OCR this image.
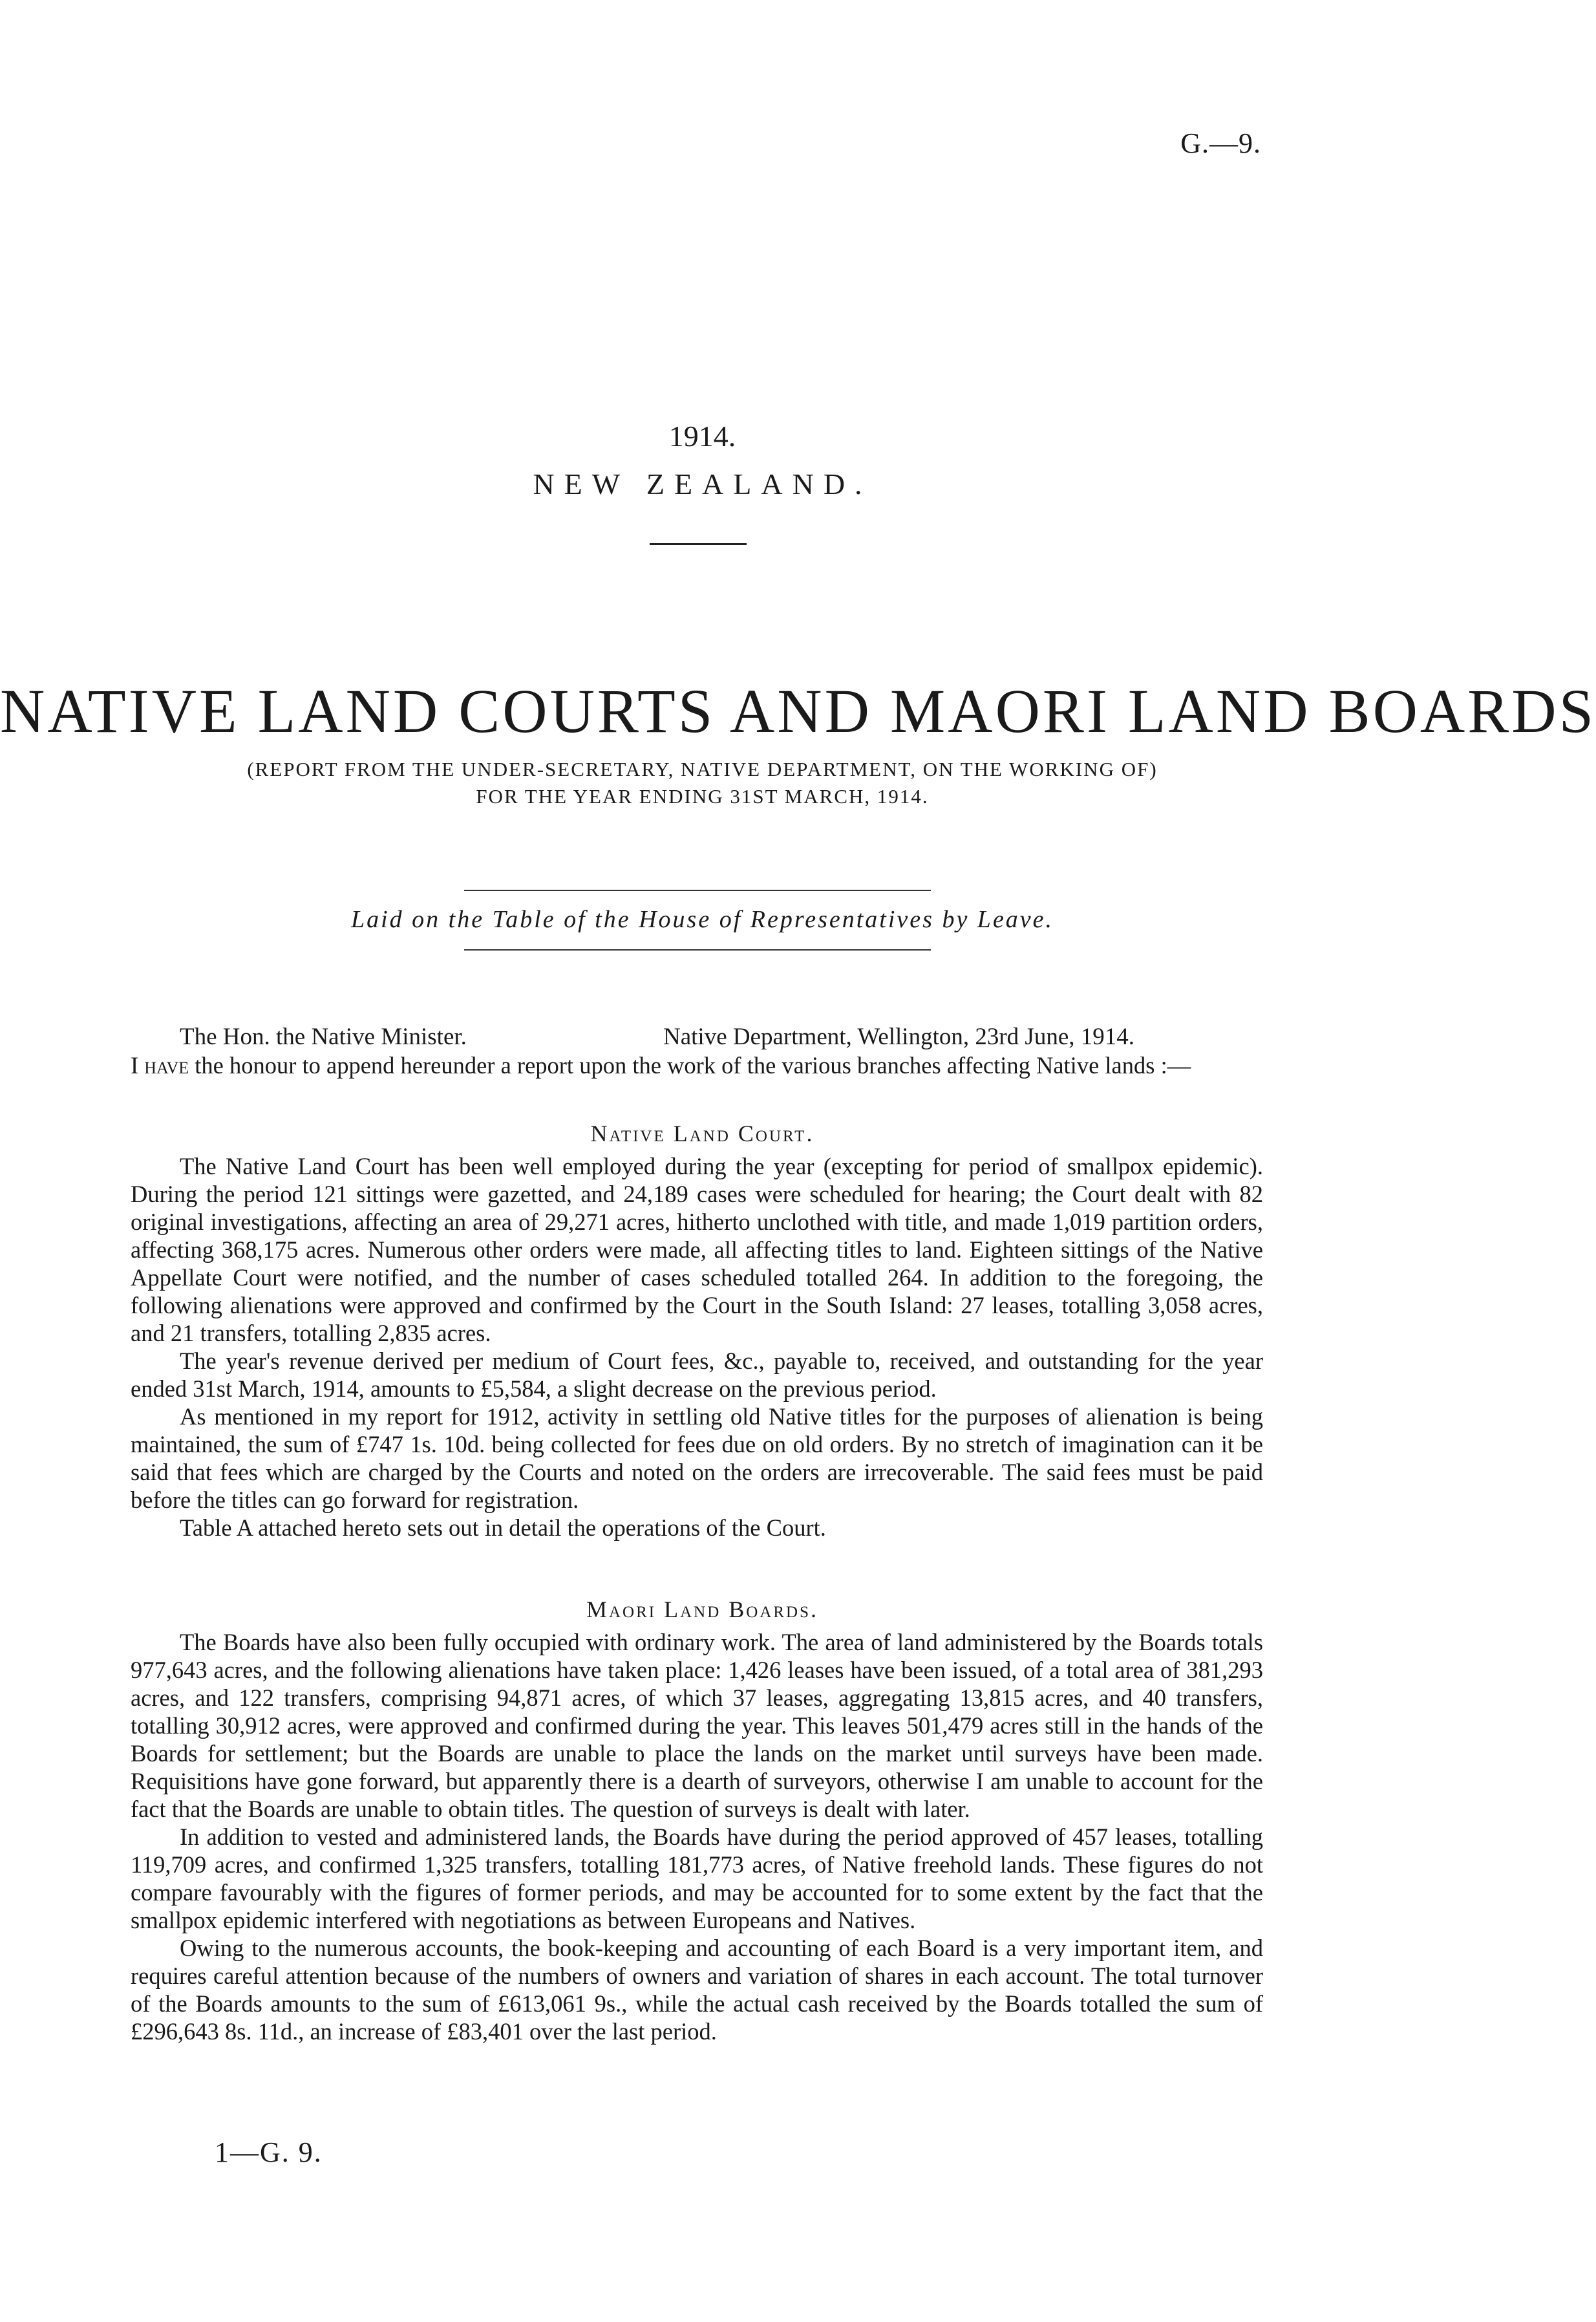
G.—9.
1914.
NEW ZEALAND.
NATIVE LAND COURTS AND MAORI LAND BOARDS
(REPORT FROM THE UNDER-SECRETARY, NATIVE DEPARTMENT, ON THE WORKING OF)
FOR THE YEAR ENDING 31ST MARCH, 1914.
Laid on the Table of the House of Representatives by Leave.
The Hon. the Native Minister.	Native Department, Wellington, 23rd June, 1914.

I have the honour to append hereunder a report upon the work of the various branches affecting Native lands :—

Native Land Court.

The Native Land Court has been well employed during the year (excepting for period of smallpox epidemic). During the period 121 sittings were gazetted, and 24,189 cases were scheduled for hearing; the Court dealt with 82 original investigations, affecting an area of 29,271 acres, hitherto unclothed with title, and made 1,019 partition orders, affecting 368,175 acres. Numerous other orders were made, all affecting titles to land. Eighteen sittings of the Native Appellate Court were notified, and the number of cases scheduled totalled 264. In addition to the foregoing, the following alienations were approved and confirmed by the Court in the South Island: 27 leases, totalling 3,058 acres, and 21 transfers, totalling 2,835 acres.

The year's revenue derived per medium of Court fees, &c., payable to, received, and outstanding for the year ended 31st March, 1914, amounts to £5,584, a slight decrease on the previous period.

As mentioned in my report for 1912, activity in settling old Native titles for the purposes of alienation is being maintained, the sum of £747 1s. 10d. being collected for fees due on old orders. By no stretch of imagination can it be said that fees which are charged by the Courts and noted on the orders are irrecoverable. The said fees must be paid before the titles can go forward for registration.

Table A attached hereto sets out in detail the operations of the Court.

Maori Land Boards.

The Boards have also been fully occupied with ordinary work. The area of land administered by the Boards totals 977,643 acres, and the following alienations have taken place: 1,426 leases have been issued, of a total area of 381,293 acres, and 122 transfers, comprising 94,871 acres, of which 37 leases, aggregating 13,815 acres, and 40 transfers, totalling 30,912 acres, were approved and confirmed during the year. This leaves 501,479 acres still in the hands of the Boards for settlement; but the Boards are unable to place the lands on the market until surveys have been made. Requisitions have gone forward, but apparently there is a dearth of surveyors, otherwise I am unable to account for the fact that the Boards are unable to obtain titles. The question of surveys is dealt with later.

In addition to vested and administered lands, the Boards have during the period approved of 457 leases, totalling 119,709 acres, and confirmed 1,325 transfers, totalling 181,773 acres, of Native freehold lands. These figures do not compare favourably with the figures of former periods, and may be accounted for to some extent by the fact that the smallpox epidemic interfered with negotiations as between Europeans and Natives.

Owing to the numerous accounts, the book-keeping and accounting of each Board is a very important item, and requires careful attention because of the numbers of owners and variation of shares in each account. The total turnover of the Boards amounts to the sum of £613,061 9s., while the actual cash received by the Boards totalled the sum of £296,643 8s. 11d., an increase of £83,401 over the last period.

1—G. 9.
